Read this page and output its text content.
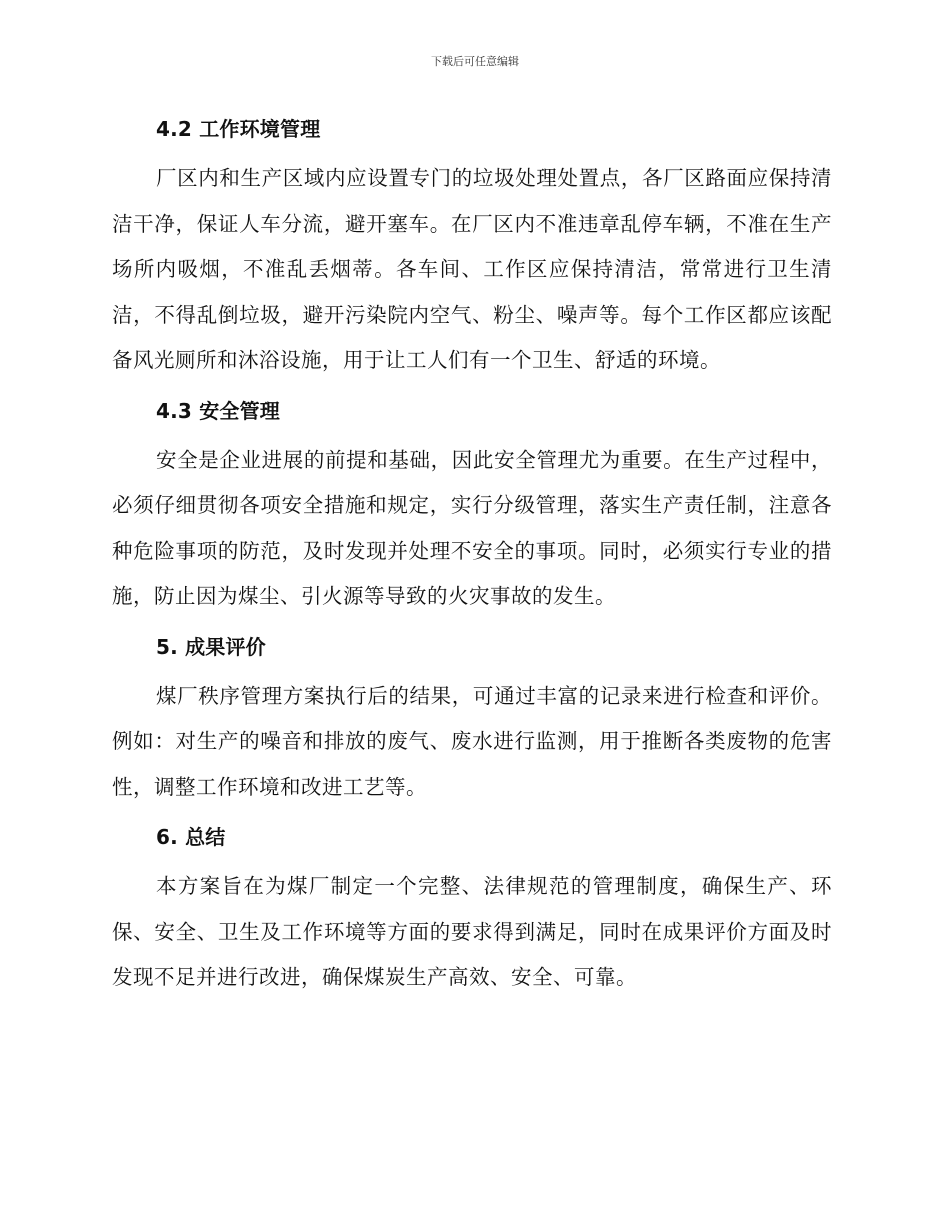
下载后可任意编辑
4.2 工作环境管理

厂区内和生产区域内应设置专门的垃圾处理处置点，各厂区路面应保持清洁干净，保证人车分流，避开塞车。在厂区内不准违章乱停车辆，不准在生产场所内吸烟，不准乱丢烟蒂。各车间、工作区应保持清洁，常常进行卫生清洁，不得乱倒垃圾，避开污染院内空气、粉尘、噪声等。每个工作区都应该配备风光厕所和沐浴设施，用于让工人们有一个卫生、舒适的环境。

4.3 安全管理

安全是企业进展的前提和基础，因此安全管理尤为重要。在生产过程中，必须仔细贯彻各项安全措施和规定，实行分级管理，落实生产责任制，注意各种危险事项的防范，及时发现并处理不安全的事项。同时，必须实行专业的措施，防止因为煤尘、引火源等导致的火灾事故的发生。

5. 成果评价

煤厂秩序管理方案执行后的结果，可通过丰富的记录来进行检查和评价。例如：对生产的噪音和排放的废气、废水进行监测，用于推断各类废物的危害性，调整工作环境和改进工艺等。

6. 总结

本方案旨在为煤厂制定一个完整、法律规范的管理制度，确保生产、环保、安全、卫生及工作环境等方面的要求得到满足，同时在成果评价方面及时发现不足并进行改进，确保煤炭生产高效、安全、可靠。
